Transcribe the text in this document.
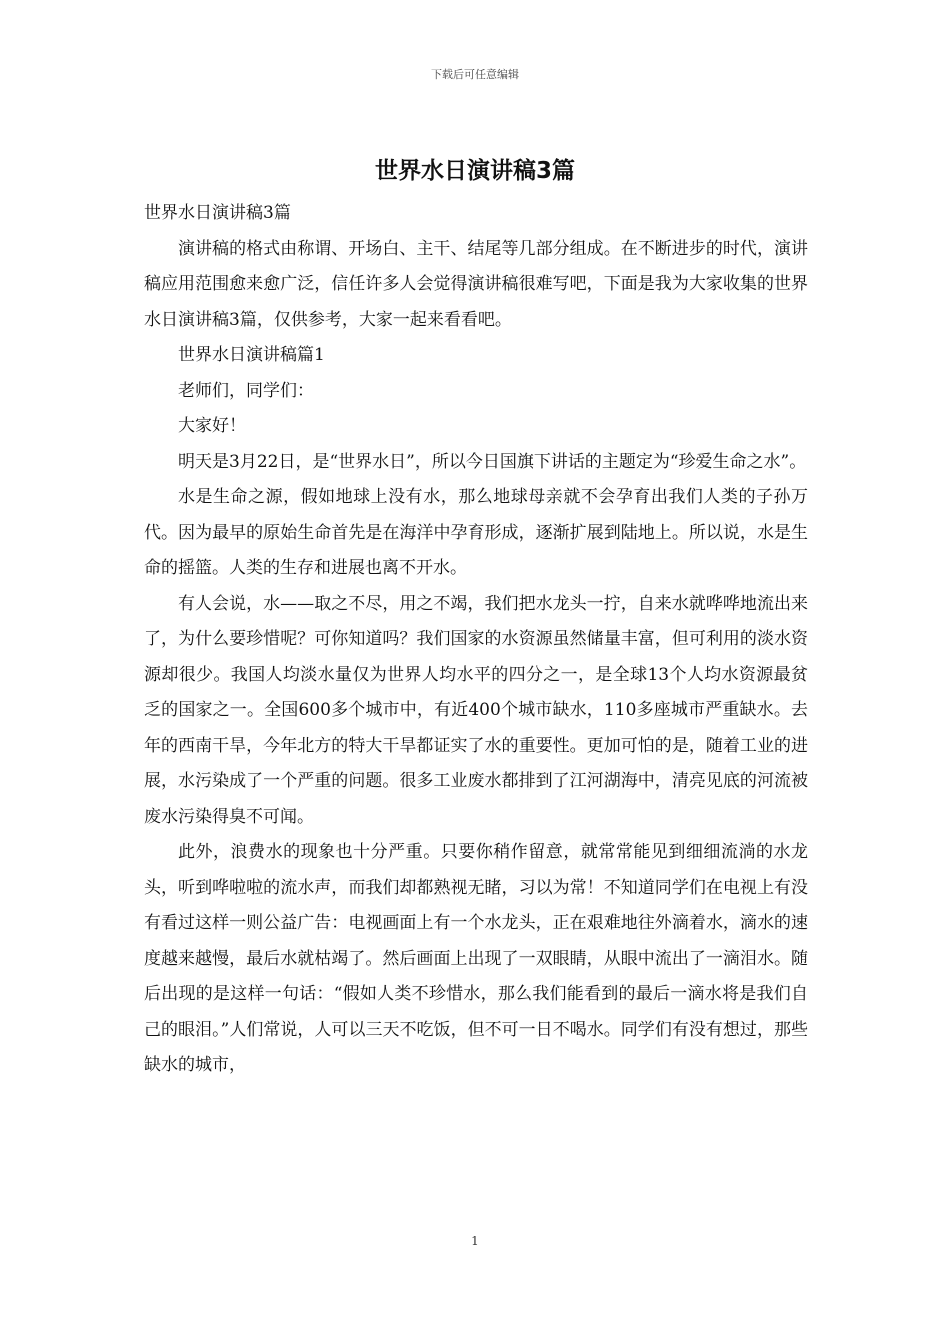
下载后可任意编辑
世界水日演讲稿3篇

世界水日演讲稿3篇

演讲稿的格式由称谓、开场白、主干、结尾等几部分组成。在不断进步的时代，演讲稿应用范围愈来愈广泛，信任许多人会觉得演讲稿很难写吧，下面是我为大家收集的世界水日演讲稿3篇，仅供参考，大家一起来看看吧。

世界水日演讲稿篇1

老师们，同学们：

大家好！

明天是3月22日，是“世界水日”，所以今日国旗下讲话的主题定为“珍爱生命之水”。

水是生命之源，假如地球上没有水，那么地球母亲就不会孕育出我们人类的子孙万代。因为最早的原始生命首先是在海洋中孕育形成，逐渐扩展到陆地上。所以说，水是生命的摇篮。人类的生存和进展也离不开水。

有人会说，水——取之不尽，用之不竭，我们把水龙头一拧，自来水就哗哗地流出来了，为什么要珍惜呢？可你知道吗？我们国家的水资源虽然储量丰富，但可利用的淡水资源却很少。我国人均淡水量仅为世界人均水平的四分之一，是全球13个人均水资源最贫乏的国家之一。全国600多个城市中，有近400个城市缺水，110多座城市严重缺水。去年的西南干旱，今年北方的特大干旱都证实了水的重要性。更加可怕的是，随着工业的进展，水污染成了一个严重的问题。很多工业废水都排到了江河湖海中，清亮见底的河流被废水污染得臭不可闻。

此外，浪费水的现象也十分严重。只要你稍作留意，就常常能见到细细流淌的水龙头，听到哗啦啦的流水声，而我们却都熟视无睹，习以为常！不知道同学们在电视上有没有看过这样一则公益广告：电视画面上有一个水龙头，正在艰难地往外滴着水，滴水的速度越来越慢，最后水就枯竭了。然后画面上出现了一双眼睛，从眼中流出了一滴泪水。随后出现的是这样一句话：“假如人类不珍惜水，那么我们能看到的最后一滴水将是我们自己的眼泪。”人们常说，人可以三天不吃饭，但不可一日不喝水。同学们有没有想过，那些缺水的城市，

1
